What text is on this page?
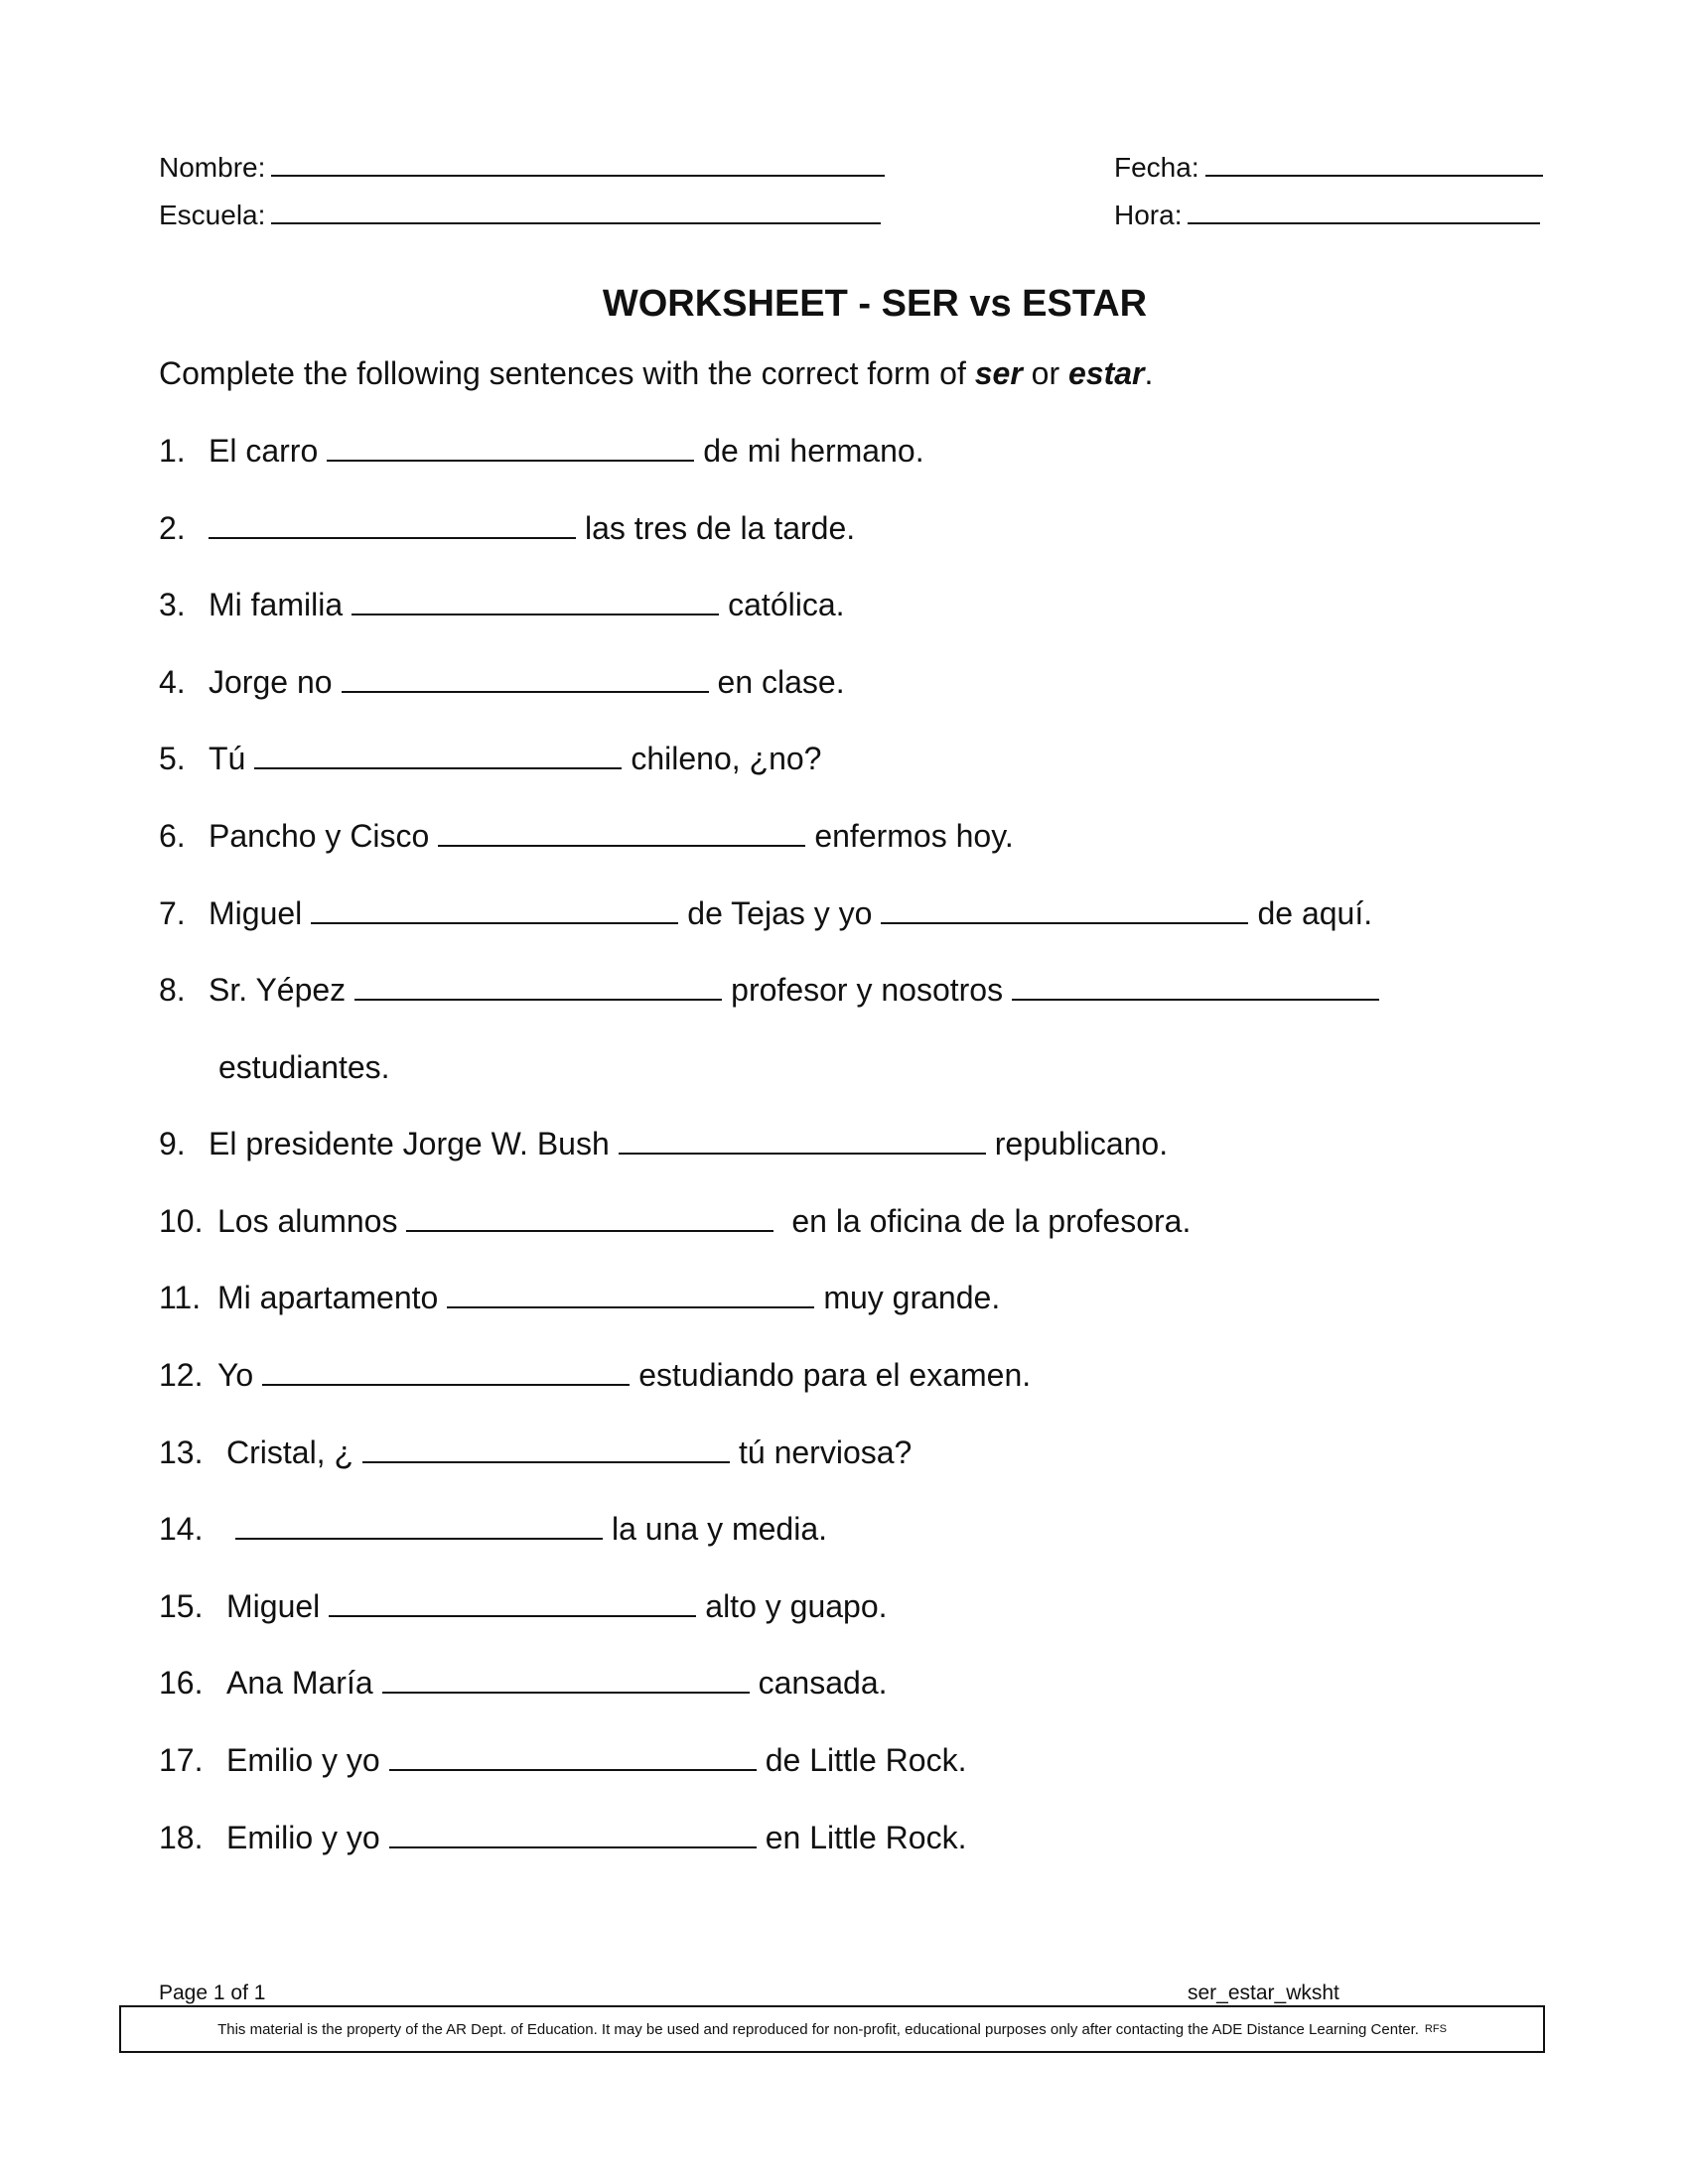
Nombre:
Escuela:
Fecha:
Hora:
WORKSHEET - SER vs ESTAR
Complete the following sentences with the correct form of ser or estar.
1. El carro	de mi hermano.
2.	las tres de la tarde.
3. Mi familia	católica.
4. Jorge no	en clase.
5. Tú	chileno, ¿no?
6. Pancho y Cisco	enfermos hoy.
7. Miguel	de Tejas y yo	de aquí.
8. Sr. Yépez	profesor y nosotros
estudiantes.
9. El presidente Jorge W. Bush	republicano.
10. Los alumnos	en la oficina de la profesora.
11. Mi apartamento	muy grande.
12. Yo	estudiando para el examen.
13. Cristal, ¿	tú nerviosa?
14.	la una y media.
15. Miguel	alto y guapo.
16. Ana María	cansada.
17. Emilio y yo	de Little Rock.
18. Emilio y yo	en Little Rock.
Page 1 of 1	ser_estar_wksht
This material is the property of the AR Dept. of Education. It may be used and reproduced for non-profit, educational purposes only after contacting the ADE Distance Learning Center. RFS
